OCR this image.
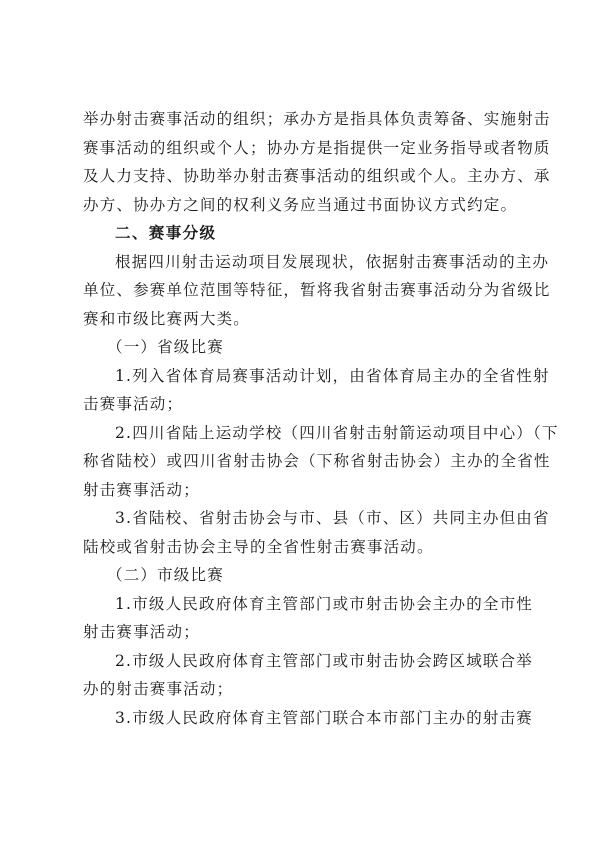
举办射击赛事活动的组织；承办方是指具体负责筹备、实施射击
赛事活动的组织或个人；协办方是指提供一定业务指导或者物质
及人力支持、协助举办射击赛事活动的组织或个人。主办方、承
办方、协办方之间的权利义务应当通过书面协议方式约定。
二、赛事分级
根据四川射击运动项目发展现状，依据射击赛事活动的主办
单位、参赛单位范围等特征，暂将我省射击赛事活动分为省级比
赛和市级比赛两大类。
（一）省级比赛
1.列入省体育局赛事活动计划，由省体育局主办的全省性射
击赛事活动；
2.四川省陆上运动学校（四川省射击射箭运动项目中心）（下
称省陆校）或四川省射击协会（下称省射击协会）主办的全省性
射击赛事活动；
3.省陆校、省射击协会与市、县（市、区）共同主办但由省
陆校或省射击协会主导的全省性射击赛事活动。
（二）市级比赛
1.市级人民政府体育主管部门或市射击协会主办的全市性
射击赛事活动；
2.市级人民政府体育主管部门或市射击协会跨区域联合举
办的射击赛事活动；
3.市级人民政府体育主管部门联合本市部门主办的射击赛
